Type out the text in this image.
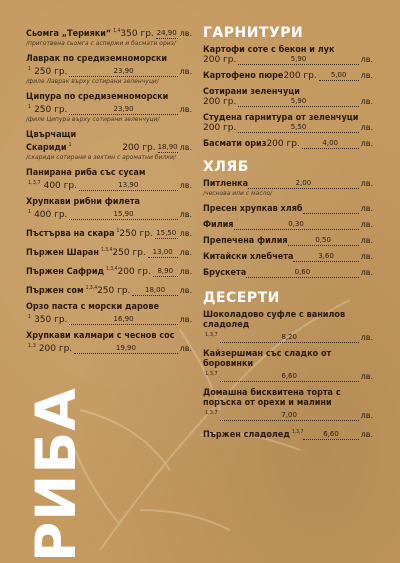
РИБА
Сьомга „Терияки“ $^{1,4}$ 350 гр. 24,90 лв.
/приготвена сьомга с аспержи и басмати ориз/
Лаврак по средиземноморски
$^1$ 250 гр.	23,90	лв.
/филе Лаврак върху сотирани зеленчуци/
Ципура по средиземноморски
$^1$ 250 гр.	23,90	лв.
/филе Ципура върху сотирани зеленчуци/
Цвърчащи Скариди $^1$	200 гр. 18,90 лв.
/скариди сотирани в зехтин с ароматни билки/
Панирана риба със сусам
$^{1,3,7}$ 400 гр.	13,90	лв.
Хрупкави рибни филета
$^1$ 400 гр.	15,90	лв.
Пъстърва на скара $^1$ 250 гр. 15,50 лв.
Пържен Шаран $^{1,3,4}$ 250 гр. 13,00 лв.
Пържен Сафрид $^{1,3,4}$ 200 гр. 8,90 лв.
Пържен сом $^{1,3,4}$ 250 гр.	18,00	лв.
Орзо паста с морски дарове
$^1$ 350 гр.	16,90	лв.
Хрупкави калмари с чеснов сос
$^{1,3}$ 200 гр.	19,90	лв.
ГАРНИТУРИ
Картофи соте с бекон и лук
200 гр.	5,90	лв.
Картофено пюре 200 гр.	5,00	лв.
Сотирани зеленчуци
200 гр.	5,90	лв.
Студена гарнитура от зеленчуци
200 гр.	5,50	лв.
Басмати ориз 200 гр.	4,00	лв.
ХЛЯБ
Питленка	2,00	лв.
/чеснова или с масло/
Пресен хрупкав хляб	лв.
Филия	0,30	лв.
Препечена филия	0,50	лв.
Китайски хлебчета	3,60	лв.
Брускета	0,60	лв.
ДЕСЕРТИ
Шоколадово суфле с ванилов сладолед
$^{1,3,7}$	8,20	лв.
Кайзершман със сладко от боровинки
$^{1,3,7}$	6,60	лв.
Домашна бисквитена торта с поръска от орехи и малини
$^{1,3,7}$	7,00	лв.
Пържен сладолед $^{1,3,7}$	6,60	лв.
